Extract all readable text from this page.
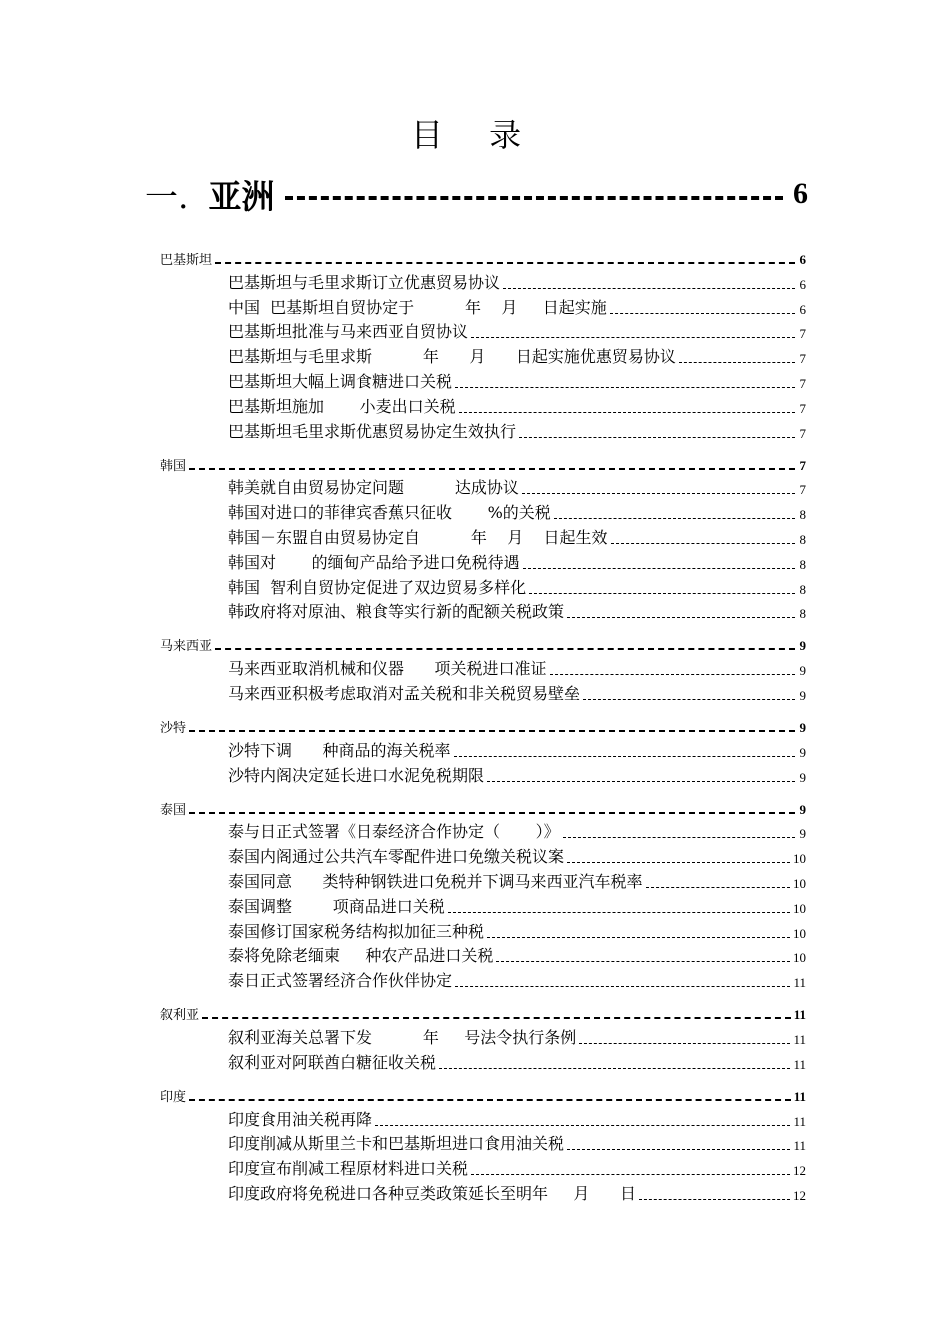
目 录
一. 亚洲	6
巴基斯坦	6
巴基斯坦与毛里求斯订立优惠贸易协议	6
中国  巴基斯坦自贸协定于          年    月     日起实施	6
巴基斯坦批准与马来西亚自贸协议	7
巴基斯坦与毛里求斯          年      月      日起实施优惠贸易协议	7
巴基斯坦大幅上调食糖进口关税	7
巴基斯坦施加       小麦出口关税	7
巴基斯坦毛里求斯优惠贸易协定生效执行	7
韩国	7
韩美就自由贸易协定问题          达成协议	7
韩国对进口的菲律宾香蕉只征收       %的关税	8
韩国－东盟自由贸易协定自          年    月    日起生效	8
韩国对       的缅甸产品给予进口免税待遇	8
韩国  智利自贸协定促进了双边贸易多样化	8
韩政府将对原油、粮食等实行新的配额关税政策	8
马来西亚	9
马来西亚取消机械和仪器      项关税进口准证	9
马来西亚积极考虑取消对孟关税和非关税贸易壁垒	9
沙特	9
沙特下调      种商品的海关税率	9
沙特内阁决定延长进口水泥免税期限	9
泰国	9
泰与日正式签署《日泰经济合作协定（       ）》	9
泰国内阁通过公共汽车零配件进口免缴关税议案	10
泰国同意      类特种钢铁进口免税并下调马来西亚汽车税率	10
泰国调整        项商品进口关税	10
泰国修订国家税务结构拟加征三种税	10
泰将免除老缅柬     种农产品进口关税	10
泰日正式签署经济合作伙伴协定	11
叙利亚	11
叙利亚海关总署下发          年     号法令执行条例	11
叙利亚对阿联酋白糖征收关税	11
印度	11
印度食用油关税再降	11
印度削减从斯里兰卡和巴基斯坦进口食用油关税	11
印度宣布削减工程原材料进口关税	12
印度政府将免税进口各种豆类政策延长至明年     月      日	12
